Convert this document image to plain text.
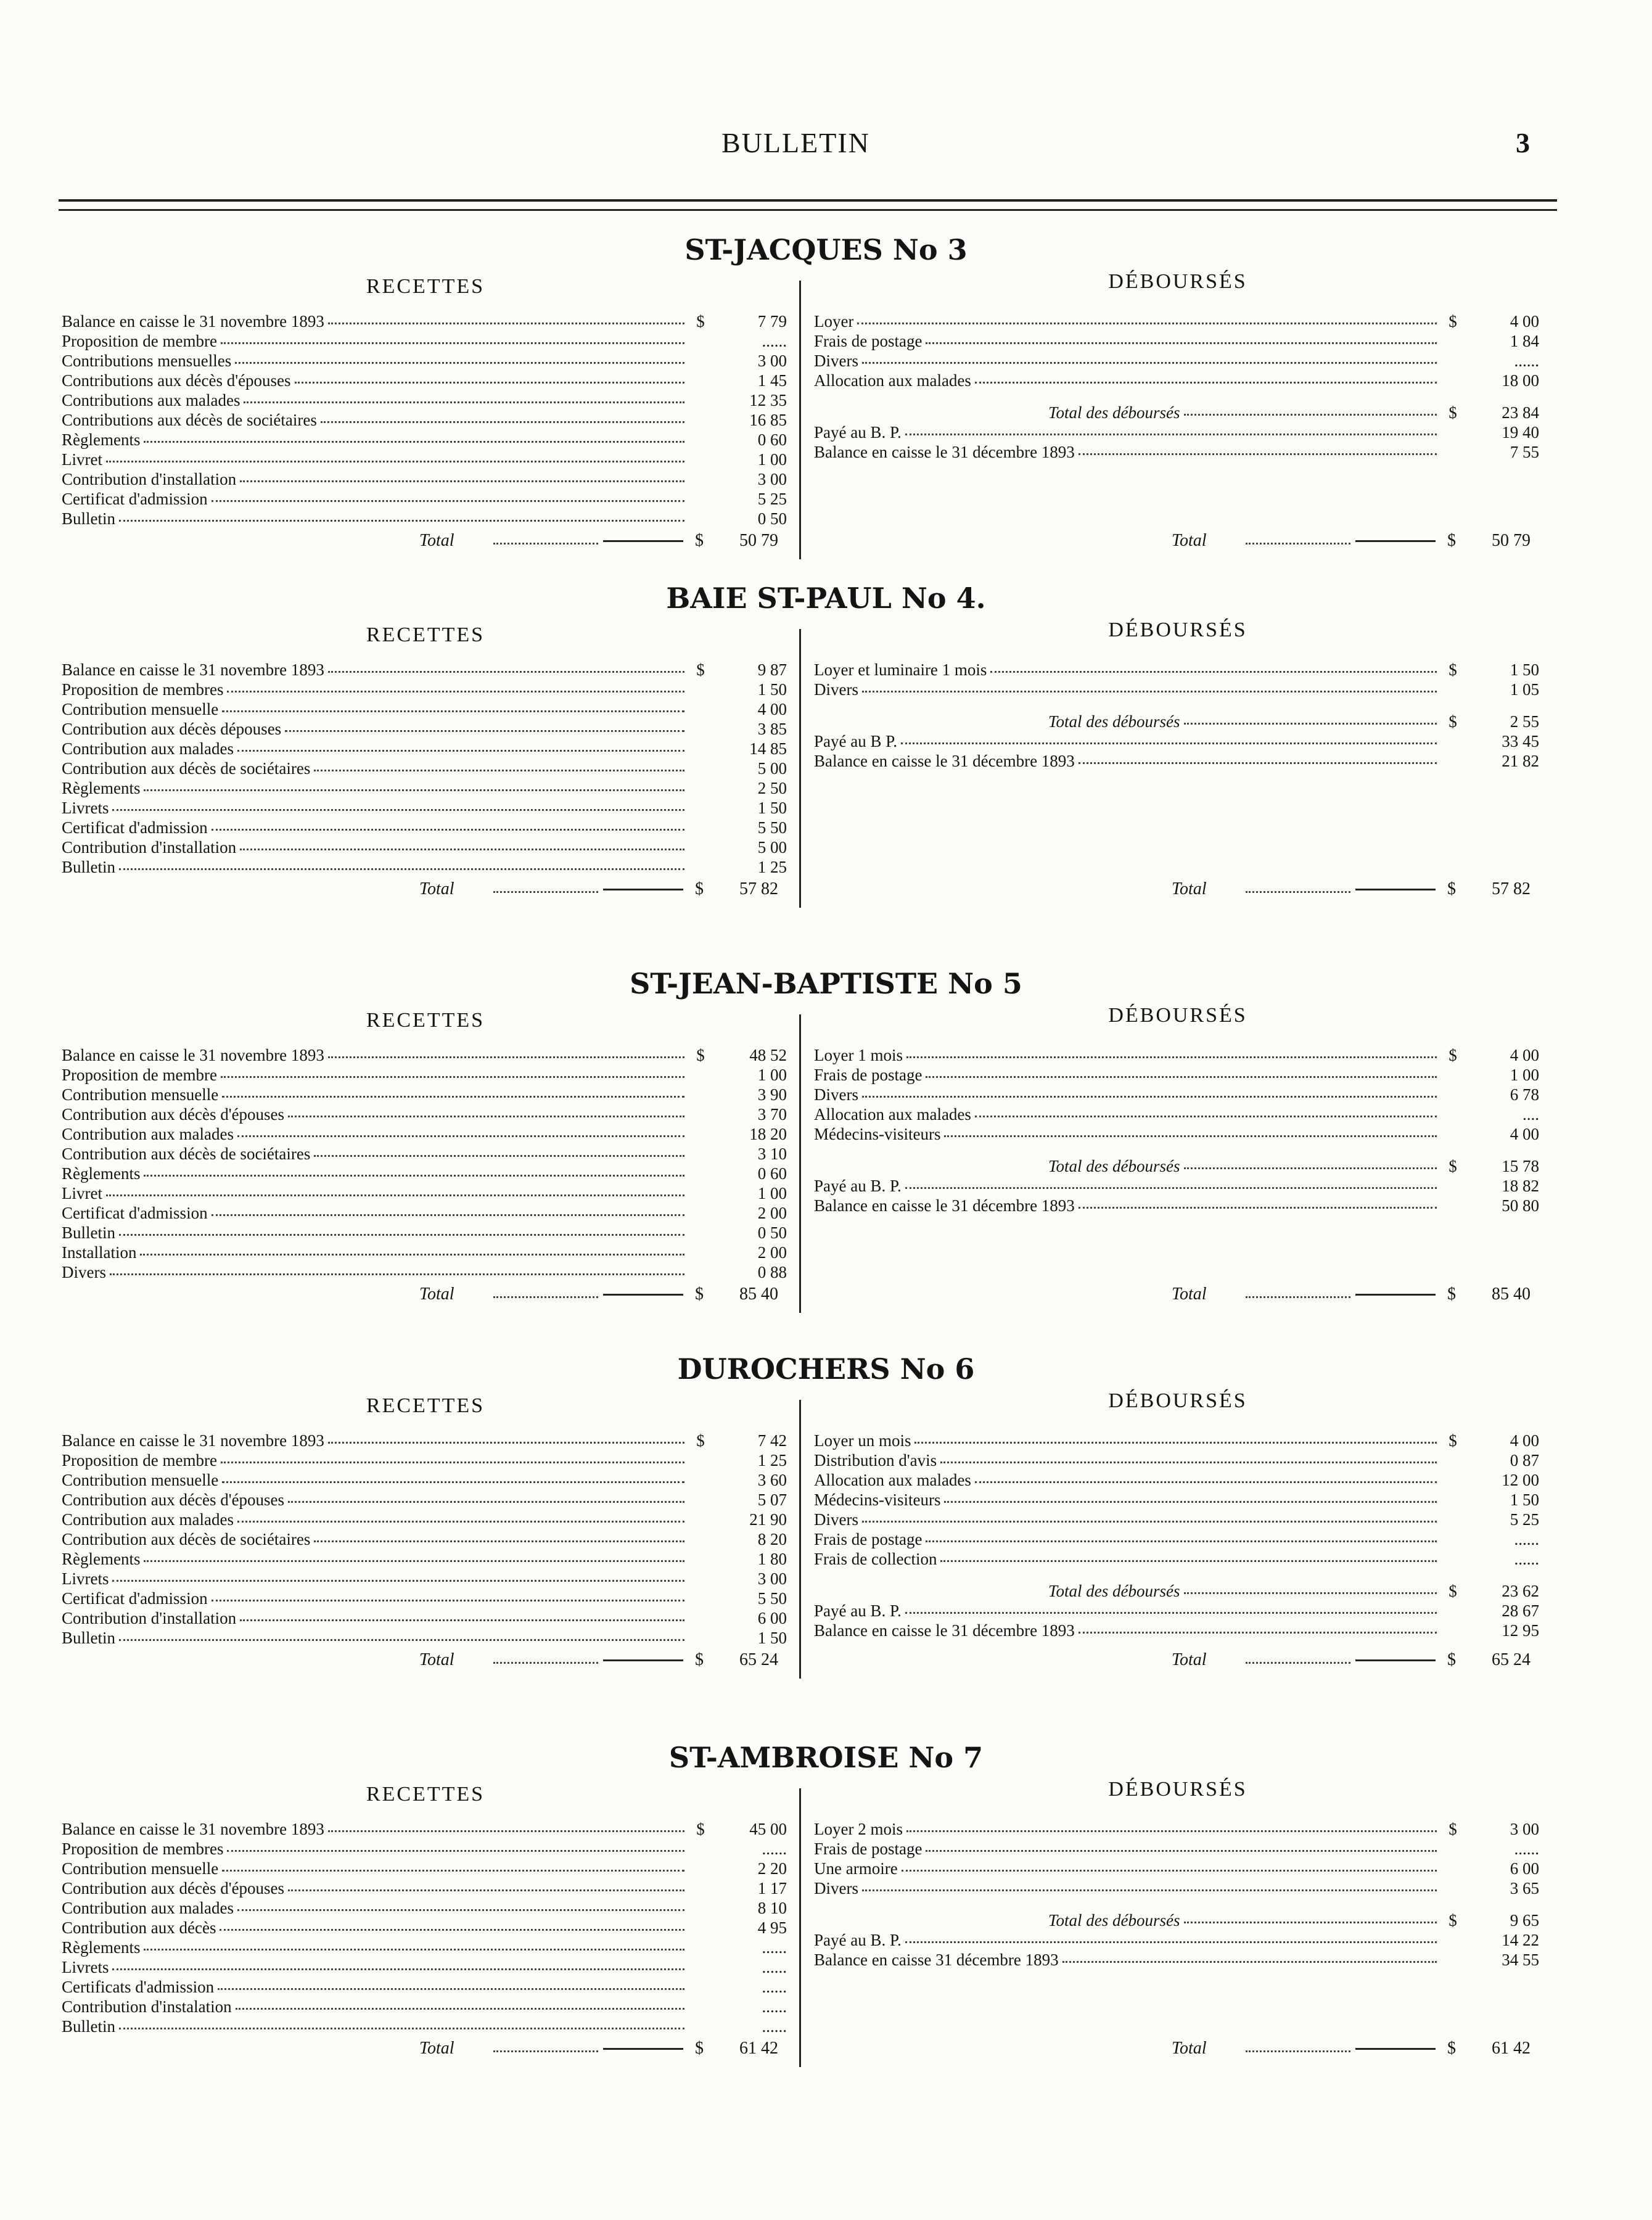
BULLETIN	3
ST-JACQUES No 3
RECETTES
Balance en caisse le 31 novembre 1893	$	7 79
Proposition de membre	......
Contributions mensuelles	3 00
Contributions aux décès d'épouses	1 45
Contributions aux malades	12 35
Contributions aux décès de sociétaires	16 85
Règlements	0 60
Livret	1 00
Contribution d'installation	3 00
Certificat d'admission	5 25
Bulletin	0 50
Total	$	50 79
DÉBOURSÉS
Loyer	$	4 00
Frais de postage	1 84
Divers	......
Allocation aux malades	18 00
Total des déboursés	$	23 84
Payé au B. P.	19 40
Balance en caisse le 31 décembre 1893	7 55
Total	$	50 79
BAIE ST-PAUL No 4.
RECETTES
Balance en caisse le 31 novembre 1893	$	9 87
Proposition de membres	1 50
Contribution mensuelle	4 00
Contribution aux décès dépouses	3 85
Contribution aux malades	14 85
Contribution aux décès de sociétaires	5 00
Règlements	2 50
Livrets	1 50
Certificat d'admission	5 50
Contribution d'installation	5 00
Bulletin	1 25
Total	$	57 82
DÉBOURSÉS
Loyer et luminaire 1 mois	$	1 50
Divers	1 05
Total des déboursés	$	2 55
Payé au B P.	33 45
Balance en caisse le 31 décembre 1893	21 82
Total	$	57 82
ST-JEAN-BAPTISTE No 5
RECETTES
Balance en caisse le 31 novembre 1893	$	48 52
Proposition de membre	1 00
Contribution mensuelle	3 90
Contribution aux décès d'épouses	3 70
Contribution aux malades	18 20
Contribution aux décès de sociétaires	3 10
Règlements	0 60
Livret	1 00
Certificat d'admission	2 00
Bulletin	0 50
Installation	2 00
Divers	0 88
Total	$	85 40
DÉBOURSÉS
Loyer 1 mois	$	4 00
Frais de postage	1 00
Divers	6 78
Allocation aux malades	....
Médecins-visiteurs	4 00
Total des déboursés	$	15 78
Payé au B. P.	18 82
Balance en caisse le 31 décembre 1893	50 80
Total	$	85 40
DUROCHERS No 6
RECETTES
Balance en caisse le 31 novembre 1893	$	7 42
Proposition de membre	1 25
Contribution mensuelle	3 60
Contribution aux décès d'épouses	5 07
Contribution aux malades	21 90
Contribution aux décès de sociétaires	8 20
Règlements	1 80
Livrets	3 00
Certificat d'admission	5 50
Contribution d'installation	6 00
Bulletin	1 50
Total	$	65 24
DÉBOURSÉS
Loyer un mois	$	4 00
Distribution d'avis	0 87
Allocation aux malades	12 00
Médecins-visiteurs	1 50
Divers	5 25
Frais de postage	......
Frais de collection	......
Total des déboursés	$	23 62
Payé au B. P.	28 67
Balance en caisse le 31 décembre 1893	12 95
Total	$	65 24
ST-AMBROISE No 7
RECETTES
Balance en caisse le 31 novembre 1893	$	45 00
Proposition de membres	......
Contribution mensuelle	2 20
Contribution aux décès d'épouses	1 17
Contribution aux malades	8 10
Contribution aux décès	4 95
Règlements	......
Livrets	......
Certificats d'admission	......
Contribution d'instalation	......
Bulletin	......
Total	$	61 42
DÉBOURSÉS
Loyer 2 mois	$	3 00
Frais de postage	......
Une armoire	6 00
Divers	3 65
Total des déboursés	$	9 65
Payé au B. P.	14 22
Balance en caisse 31 décembre 1893	34 55
Total	$	61 42
